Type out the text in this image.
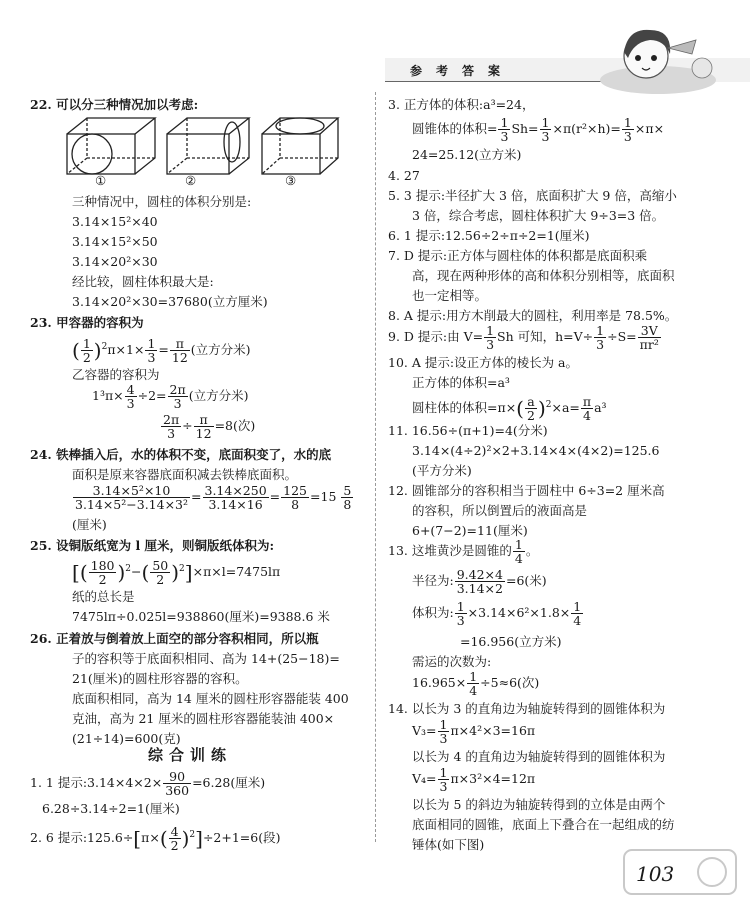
参考答案
22. 可以分三种情况加以考虑:
①	②	③
三种情况中，圆柱的体积分别是:
3.14×15²×40
3.14×15²×50
3.14×20²×30
经比较，圆柱体积最大是:
3.14×20²×30=37680(立方厘米)
23. 甲容器的容积为
( $\frac{1}{2} )^2\pi\times 1\times \frac{1}{3} = \frac{\pi}{12}$ (立方分米)
乙容器的容积为
$1^3\pi\times \frac{4}{3} \div 2= \frac{2\pi}{3}$ (立方分米)
$\frac{2\pi}{3} \div \frac{\pi}{12} =8$(次)
24. 铁棒插入后，水的体积不变，底面积变了，水的底
面积是原来容器底面积减去铁棒底面积。
$\frac{\text{3.14×5²×10}}{\text{3.14×5²−3.14×3²}} = \frac{3.14\times 250}{3.14\times 16} = \frac{125}{8} =15 \frac{5}{8}$
(厘米)
25. 设铜版纸宽为 l 厘米，则铜版纸体积为:
[( $\frac{180}{2} )^2-( \frac{50}{2} )^2]\times\pi\times l=7475l\pi$
纸的总长是
7475lπ÷0.025l=938860(厘米)=9388.6 米
26. 正着放与倒着放上面空的部分容积相同，所以瓶
子的容积等于底面积相同、高为 14+(25−18)=
21(厘米)的圆柱形容器的容积。
底面积相同，高为 14 厘米的圆柱形容器能装 400
克油，高为 21 厘米的圆柱形容器能装油 400×
(21÷14)=600(克)
综合训练
1. 1 提示:3.14×4×2× $\frac{90}{360} =6.28$(厘米)
6.28÷3.14÷2=1(厘米)
2. 6 提示:125.6÷[π×( $\frac{4}{2} )^2]\div 2+1=6$(段)
3. 正方体的体积:a³=24，
圆锥体的体积= $\frac{1}{3} Sh= \frac{1}{3} \times\pi(r^2\times h)= \frac{1}{3} \times\pi\times$
24=25.12(立方米)
4. 27
5. 3 提示:半径扩大 3 倍，底面积扩大 9 倍，高缩小
3 倍，综合考虑，圆柱体积扩大 9÷3=3 倍。
6. 1 提示:12.56÷2÷π÷2=1(厘米)
7. D 提示:正方体与圆柱体的体积都是底面积乘
高，现在两种形体的高和体积分别相等，底面积
也一定相等。
8. A 提示:用方木削最大的圆柱，利用率是 78.5%。
9. D 提示:由 $V= \frac{1}{3}$ Sh 可知，$h=V\div \frac{1}{3} \div S= \frac{3V}{\text{πr²}}$
10. A 提示:设正方体的棱长为 a。
正方体的体积=a³
圆柱体的体积$=\pi\times( \frac{a}{2} )^2\times a= \frac{\pi}{4} a^3$
11. 16.56÷(π+1)=4(分米)
3.14×(4÷2)²×2+3.14×4×(4×2)=125.6
(平方分米)
12. 圆锥部分的容积相当于圆柱中 6÷3=2 厘米高
的容积，所以倒置后的液面高是
6+(7−2)=11(厘米)
13. 这堆黄沙是圆锥的 $\frac{1}{4}$ 。
半径为: $\frac{9.42\times 4}{3.14\times 2} =6$(米)
体积为: $\frac{1}{3} \times 3.14\times 6^2\times 1.8\times \frac{1}{4}$
=16.956(立方米)
需运的次数为:
$16.965\times \frac{1}{4} \div 5\approx 6$(次)
14. 以长为 3 的直角边为轴旋转得到的圆锥体积为
$V_3= \frac{1}{3} \pi\times 4^2\times 3=16\pi$
以长为 4 的直角边为轴旋转得到的圆锥体积为
$V_4= \frac{1}{3} \pi\times 3^2\times 4=12\pi$
以长为 5 的斜边为轴旋转得到的立体是由两个
底面相同的圆锥，底面上下叠合在一起组成的纺
锤体(如下图)
103
